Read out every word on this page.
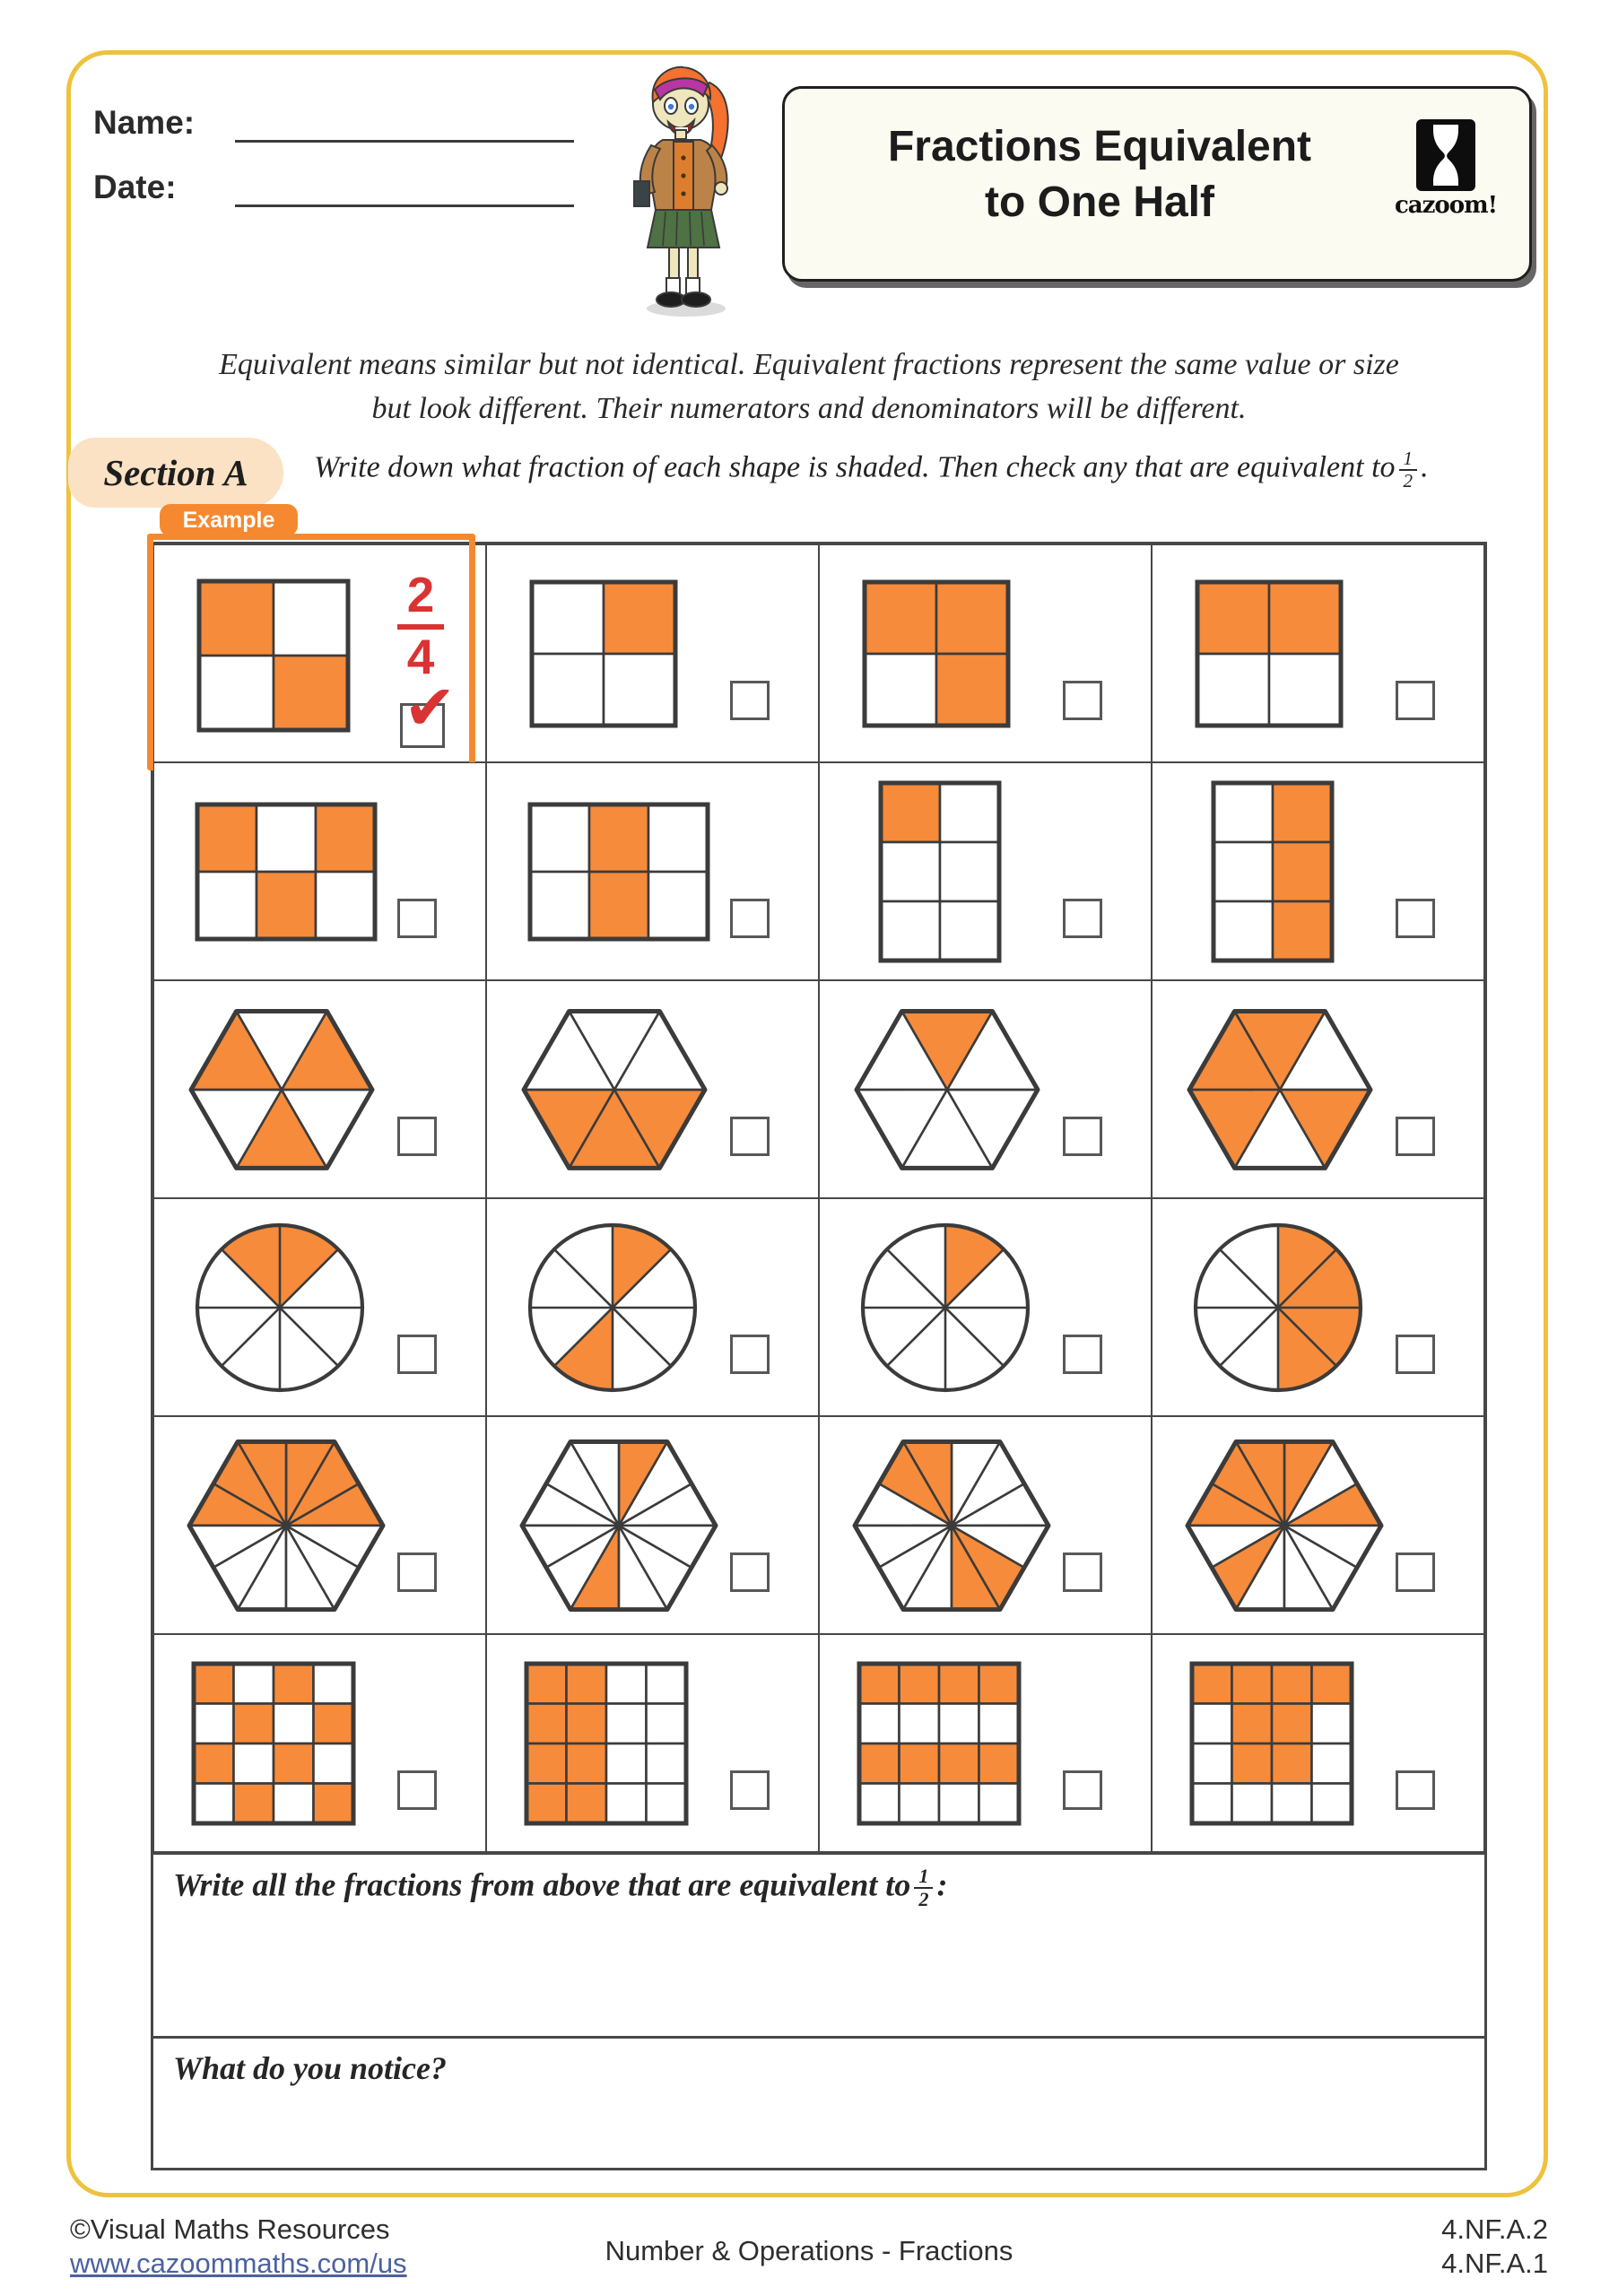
Name:
Date:
Fractions Equivalent
to One Half	cazoom!
Equivalent means similar but not identical. Equivalent fractions represent the same value or size
but look different. Their numerators and denominators will be different.
Section A	Write down what fraction of each shape is shaded. Then check any that are equivalent to $\frac{1}{2}$ .
Example
$\frac{2}{4}$
✔
Write all the fractions from above that are equivalent to $\frac{1}{2}$ :
What do you notice?
©Visual Maths Resources
www.cazoommaths.com/us	Number & Operations - Fractions
4.NF.A.2
4.NF.A.1
